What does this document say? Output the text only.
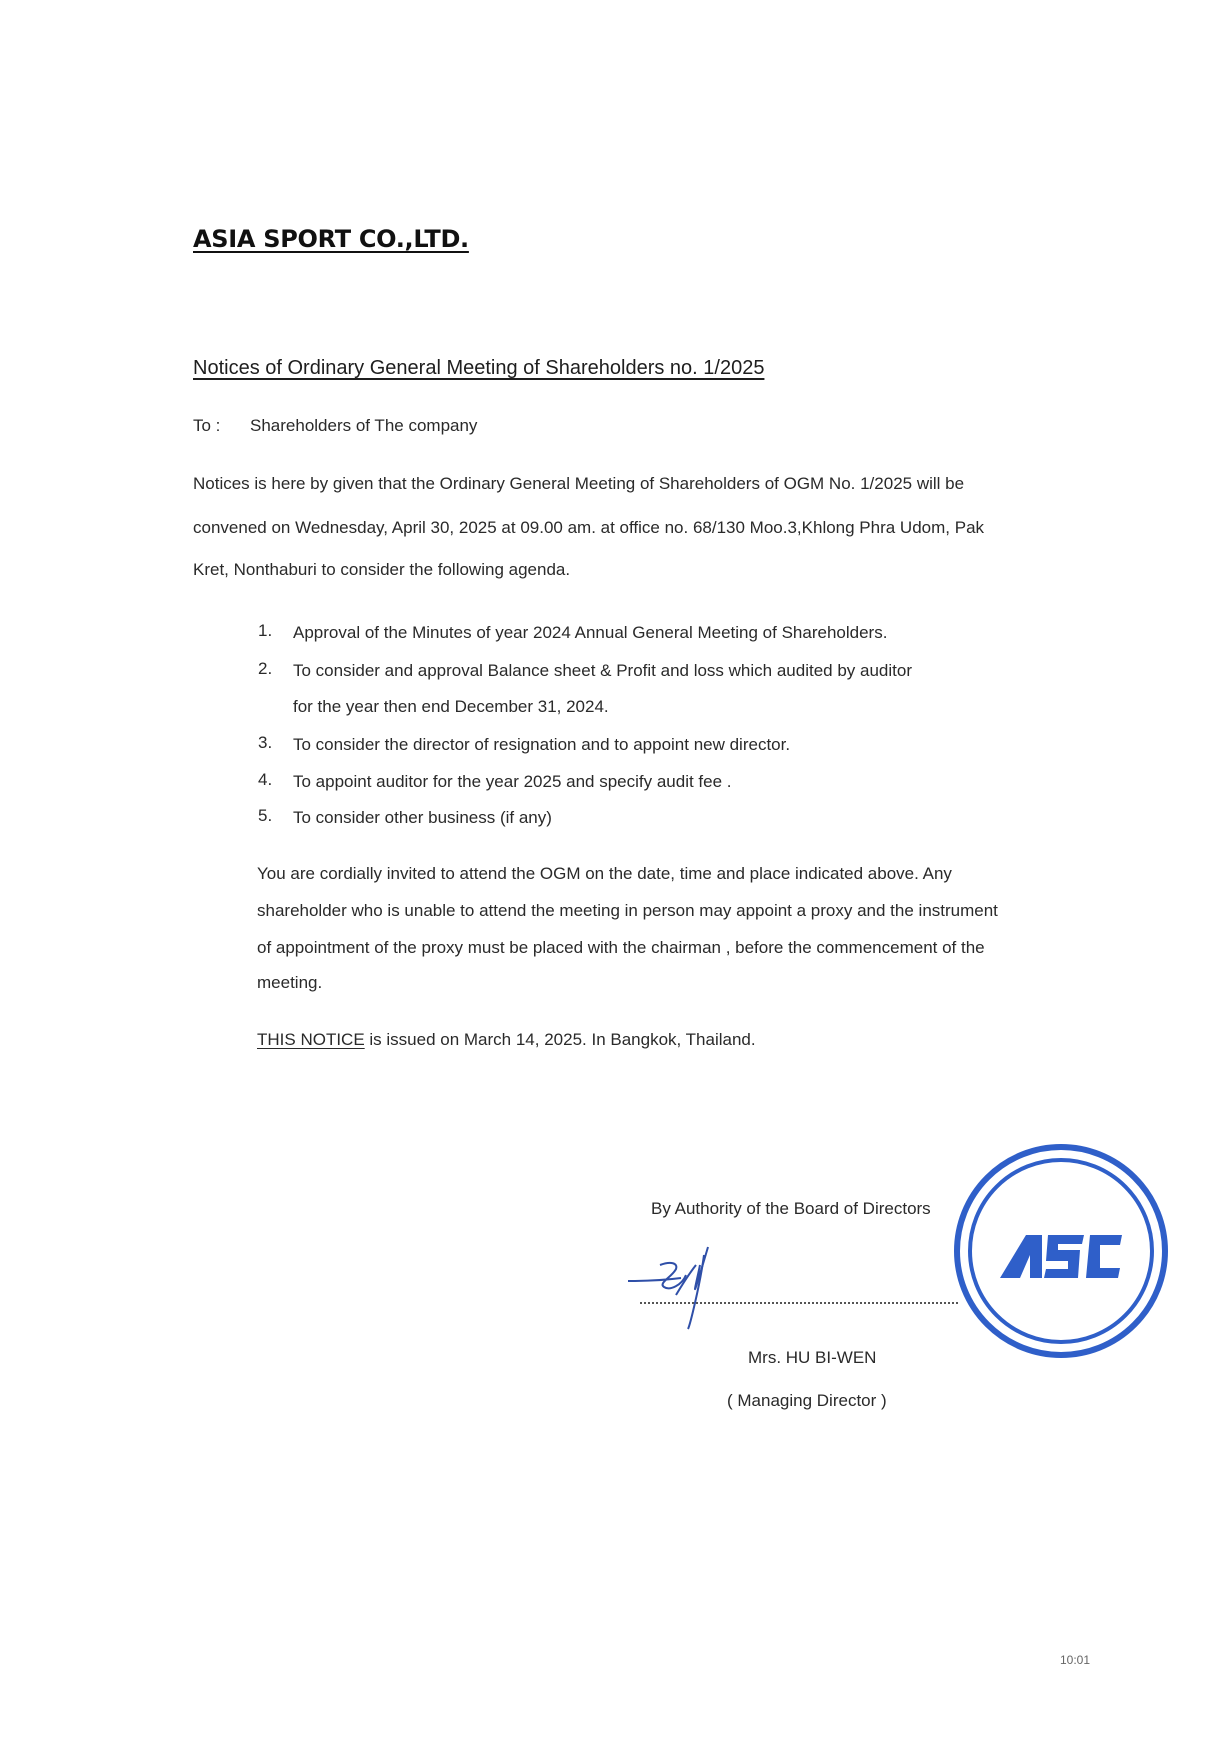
ASIA SPORT CO.,LTD.
Notices of Ordinary General Meeting of Shareholders no. 1/2025
To : Shareholders of The company
Notices is here by given that the Ordinary General Meeting of Shareholders of OGM No. 1/2025 will be
convened on Wednesday, April 30, 2025 at 09.00 am. at office no. 68/130 Moo.3,Khlong Phra Udom, Pak
Kret, Nonthaburi to consider the following agenda.
1. Approval of the Minutes of year 2024 Annual General Meeting of Shareholders.
2. To consider and approval Balance sheet & Profit and loss which audited by auditor
for the year then end December 31, 2024.
3. To consider the director of resignation and to appoint new director.
4. To appoint auditor for the year 2025 and specify audit fee .
5. To consider other business (if any)
You are cordially invited to attend the OGM on the date, time and place indicated above. Any
shareholder who is unable to attend the meeting in person may appoint a proxy and the instrument
of appointment of the proxy must be placed with the chairman , before the commencement of the
meeting.
THIS NOTICE is issued on March 14, 2025. In Bangkok, Thailand.
By Authority of the Board of Directors
Mrs. HU BI-WEN
( Managing Director )
10:01
